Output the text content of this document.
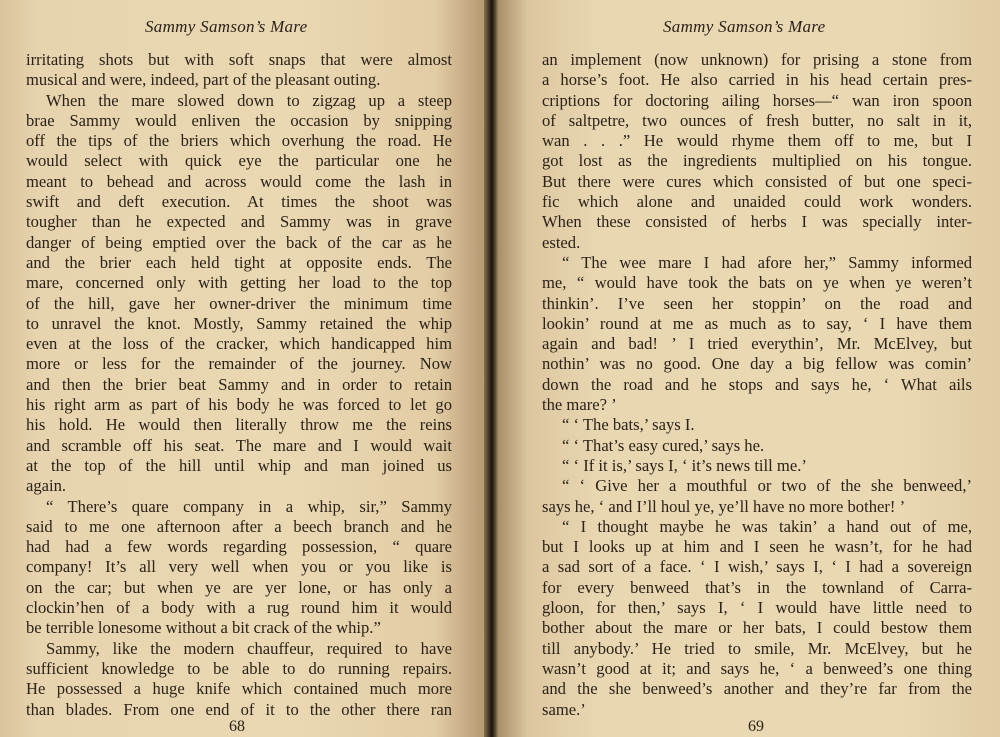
Sammy Samson’s Mare
irritating shots but with soft snaps that were almost
musical and were, indeed, part of the pleasant outing.
When the mare slowed down to zigzag up a steep
brae Sammy would enliven the occasion by snipping
off the tips of the briers which overhung the road. He
would select with quick eye the particular one he
meant to behead and across would come the lash in
swift and deft execution. At times the shoot was
tougher than he expected and Sammy was in grave
danger of being emptied over the back of the car as he
and the brier each held tight at opposite ends. The
mare, concerned only with getting her load to the top
of the hill, gave her owner-driver the minimum time
to unravel the knot. Mostly, Sammy retained the whip
even at the loss of the cracker, which handicapped him
more or less for the remainder of the journey. Now
and then the brier beat Sammy and in order to retain
his right arm as part of his body he was forced to let go
his hold. He would then literally throw me the reins
and scramble off his seat. The mare and I would wait
at the top of the hill until whip and man joined us
again.
“ There’s quare company in a whip, sir,” Sammy
said to me one afternoon after a beech branch and he
had had a few words regarding possession, “ quare
company! It’s all very well when you or you like is
on the car; but when ye are yer lone, or has only a
clockin’hen of a body with a rug round him it would
be terrible lonesome without a bit crack of the whip.”
Sammy, like the modern chauffeur, required to have
sufficient knowledge to be able to do running repairs.
He possessed a huge knife which contained much more
than blades. From one end of it to the other there ran
68
Sammy Samson’s Mare
an implement (now unknown) for prising a stone from
a horse’s foot. He also carried in his head certain pres-
criptions for doctoring ailing horses—“ wan iron spoon
of saltpetre, two ounces of fresh butter, no salt in it,
wan . . .” He would rhyme them off to me, but I
got lost as the ingredients multiplied on his tongue.
But there were cures which consisted of but one speci-
fic which alone and unaided could work wonders.
When these consisted of herbs I was specially inter-
ested.
“ The wee mare I had afore her,” Sammy informed
me, “ would have took the bats on ye when ye weren’t
thinkin’. I’ve seen her stoppin’ on the road and
lookin’ round at me as much as to say, ‘ I have them
again and bad! ’ I tried everythin’, Mr. McElvey, but
nothin’ was no good. One day a big fellow was comin’
down the road and he stops and says he, ‘ What ails
the mare? ’
“ ‘ The bats,’ says I.
“ ‘ That’s easy cured,’ says he.
“ ‘ If it is,’ says I, ‘ it’s news till me.’
“ ‘ Give her a mouthful or two of the she benweed,’
says he, ‘ and I’ll houl ye, ye’ll have no more bother! ’
“ I thought maybe he was takin’ a hand out of me,
but I looks up at him and I seen he wasn’t, for he had
a sad sort of a face. ‘ I wish,’ says I, ‘ I had a sovereign
for every benweed that’s in the townland of Carra-
gloon, for then,’ says I, ‘ I would have little need to
bother about the mare or her bats, I could bestow them
till anybody.’ He tried to smile, Mr. McElvey, but he
wasn’t good at it; and says he, ‘ a benweed’s one thing
and the she benweed’s another and they’re far from the
same.’
69
